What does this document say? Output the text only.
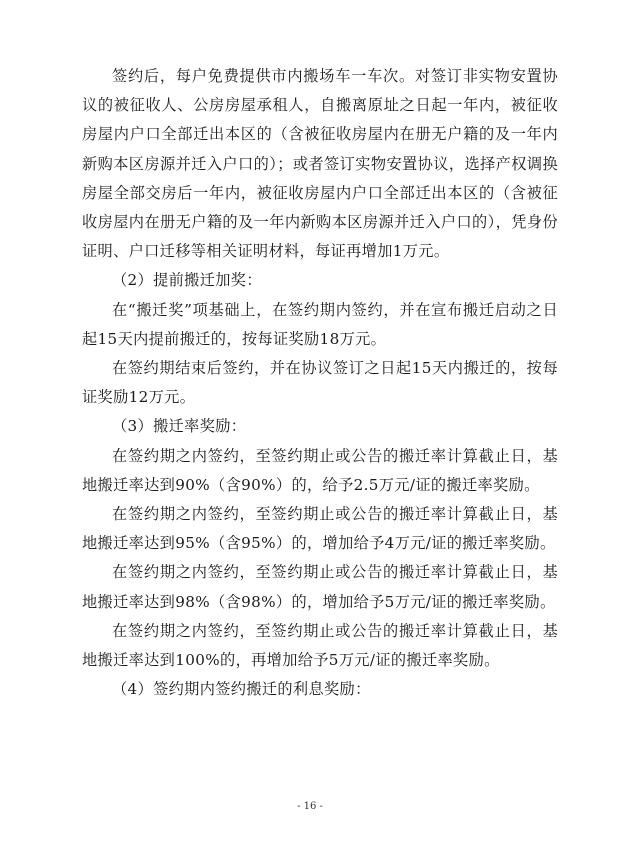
签约后，每户免费提供市内搬场车一车次。对签订非实物安置协议的被征收人、公房房屋承租人，自搬离原址之日起一年内，被征收房屋内户口全部迁出本区的（含被征收房屋内在册无户籍的及一年内新购本区房源并迁入户口的）；或者签订实物安置协议，选择产权调换房屋全部交房后一年内，被征收房屋内户口全部迁出本区的（含被征收房屋内在册无户籍的及一年内新购本区房源并迁入户口的），凭身份证明、户口迁移等相关证明材料，每证再增加1万元。

（2）提前搬迁加奖：

在“搬迁奖”项基础上，在签约期内签约，并在宣布搬迁启动之日起15天内提前搬迁的，按每证奖励18万元。

在签约期结束后签约，并在协议签订之日起15天内搬迁的，按每证奖励12万元。

（3）搬迁率奖励：

在签约期之内签约，至签约期止或公告的搬迁率计算截止日，基地搬迁率达到90%（含90%）的，给予2.5万元/证的搬迁率奖励。

在签约期之内签约，至签约期止或公告的搬迁率计算截止日，基地搬迁率达到95%（含95%）的，增加给予4万元/证的搬迁率奖励。

在签约期之内签约，至签约期止或公告的搬迁率计算截止日，基地搬迁率达到98%（含98%）的，增加给予5万元/证的搬迁率奖励。

在签约期之内签约，至签约期止或公告的搬迁率计算截止日，基地搬迁率达到100%的，再增加给予5万元/证的搬迁率奖励。

（4）签约期内签约搬迁的利息奖励：

- 16 -
